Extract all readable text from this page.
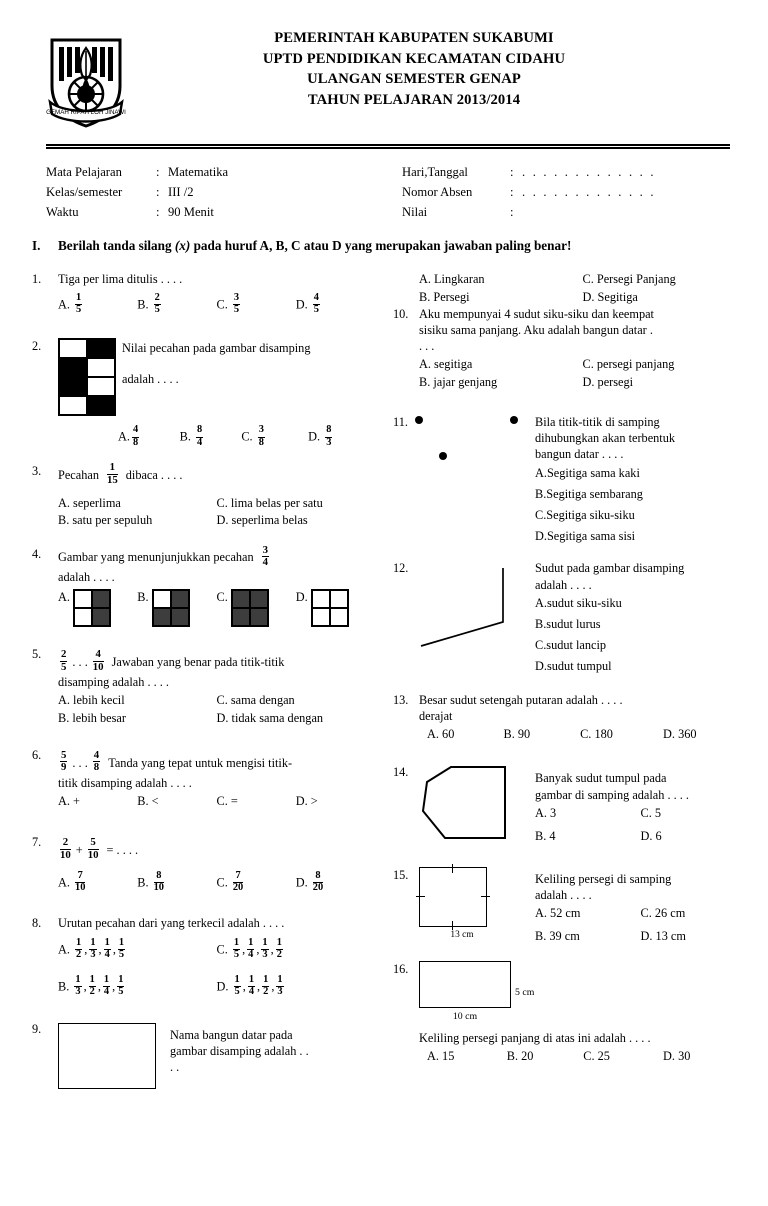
GEMAH RIPAH LOH JINAWI
PEMERINTAH KABUPATEN SUKABUMI
UPTD PENDIDIKAN KECAMATAN CIDAHU
ULANGAN SEMESTER GENAP
TAHUN PELAJARAN 2013/2014
Mata Pelajaran	: Matematika
Kelas/semester	: III /2
Waktu	: 90 Menit
Hari,Tanggal	: . . . . . . . . . . . . .
Nomor Absen	: . . . . . . . . . . . . .
Nilai	:
I.	Berilah tanda silang (x) pada huruf A, B, C atau D yang merupakan jawaban paling benar!
1.	Tiga per lima ditulis . . . .
A. $\frac{1}{5}$	B. $\frac{2}{5}$	C. $\frac{3}{5}$	D. $\frac{4}{5}$
2.	Nilai pecahan pada gambar disamping
adalah . . . .
A. $\frac{4}{8}$	B. $\frac{8}{4}$	C. $\frac{3}{8}$	D. $\frac{8}{3}$
3.	Pecahan $\frac{1}{15}$ dibaca . . . .
A. seperlima	C. lima belas per satu
B. satu per sepuluh	D. seperlima belas
4.	Gambar yang menunjunjukkan pecahan $\frac{3}{4}$
adalah . . . .
A.	B.	C.	D.
5.	$\frac{2}{5}$ . . . $\frac{4}{10}$ Jawaban yang benar pada titik-titik
disamping adalah . . . .
A. lebih kecil	C. sama dengan
B. lebih besar	D. tidak sama dengan
6.	$\frac{5}{9}$ . . . $\frac{4}{8}$ Tanda yang tepat untuk mengisi titik-
titik disamping adalah . . . .
A. +	B. <	C. =	D. >
7.	$\frac{2}{10} + \frac{5}{10}$ = . . . .
A. $\frac{7}{10}$	B. $\frac{8}{10}$	C. $\frac{7}{20}$	D. $\frac{8}{20}$
8.	Urutan pecahan dari yang terkecil adalah . . . .
A. $\frac{1}{2}$ , $\frac{1}{3}$ , $\frac{1}{4}$ , $\frac{1}{5}$	C. $\frac{1}{5}$ , $\frac{1}{4}$ , $\frac{1}{3}$ , $\frac{1}{2}$
B. $\frac{1}{3}$ , $\frac{1}{2}$ , $\frac{1}{4}$ , $\frac{1}{5}$	D. $\frac{1}{5}$ , $\frac{1}{4}$ , $\frac{1}{2}$ , $\frac{1}{3}$
9.	Nama bangun datar pada
gambar disamping adalah . .
. .
A. Lingkaran	C. Persegi Panjang
B. Persegi	D. Segitiga
10. Aku mempunyai 4 sudut siku-siku dan keempat
sisiku sama panjang. Aku adalah bangun datar .
. . .
A. segitiga	C. persegi panjang
B. jajar genjang	D. persegi
11.	Bila titik-titik di samping
dihubungkan akan terbentuk
bangun datar . . . .
A.Segitiga sama kaki
B.Segitiga sembarang
C.Segitiga siku-siku
D.Segitiga sama sisi
12.	Sudut pada gambar disamping
adalah . . . .
A.sudut siku-siku
B.sudut lurus
C.sudut lancip
D.sudut tumpul
13. Besar sudut setengah putaran adalah . . . .
derajat
A. 60	B. 90	C. 180	D. 360
14.	Banyak sudut tumpul pada
gambar di samping adalah . . . .
A. 3	C. 5
B. 4	D. 6
15.
13 cm
Keliling persegi di samping
adalah . . . .
A. 52 cm	C. 26 cm
B. 39 cm	D. 13 cm
16.
5 cm
10 cm
Keliling persegi panjang di atas ini adalah . . . .
A. 15	B. 20	C. 25	D. 30
